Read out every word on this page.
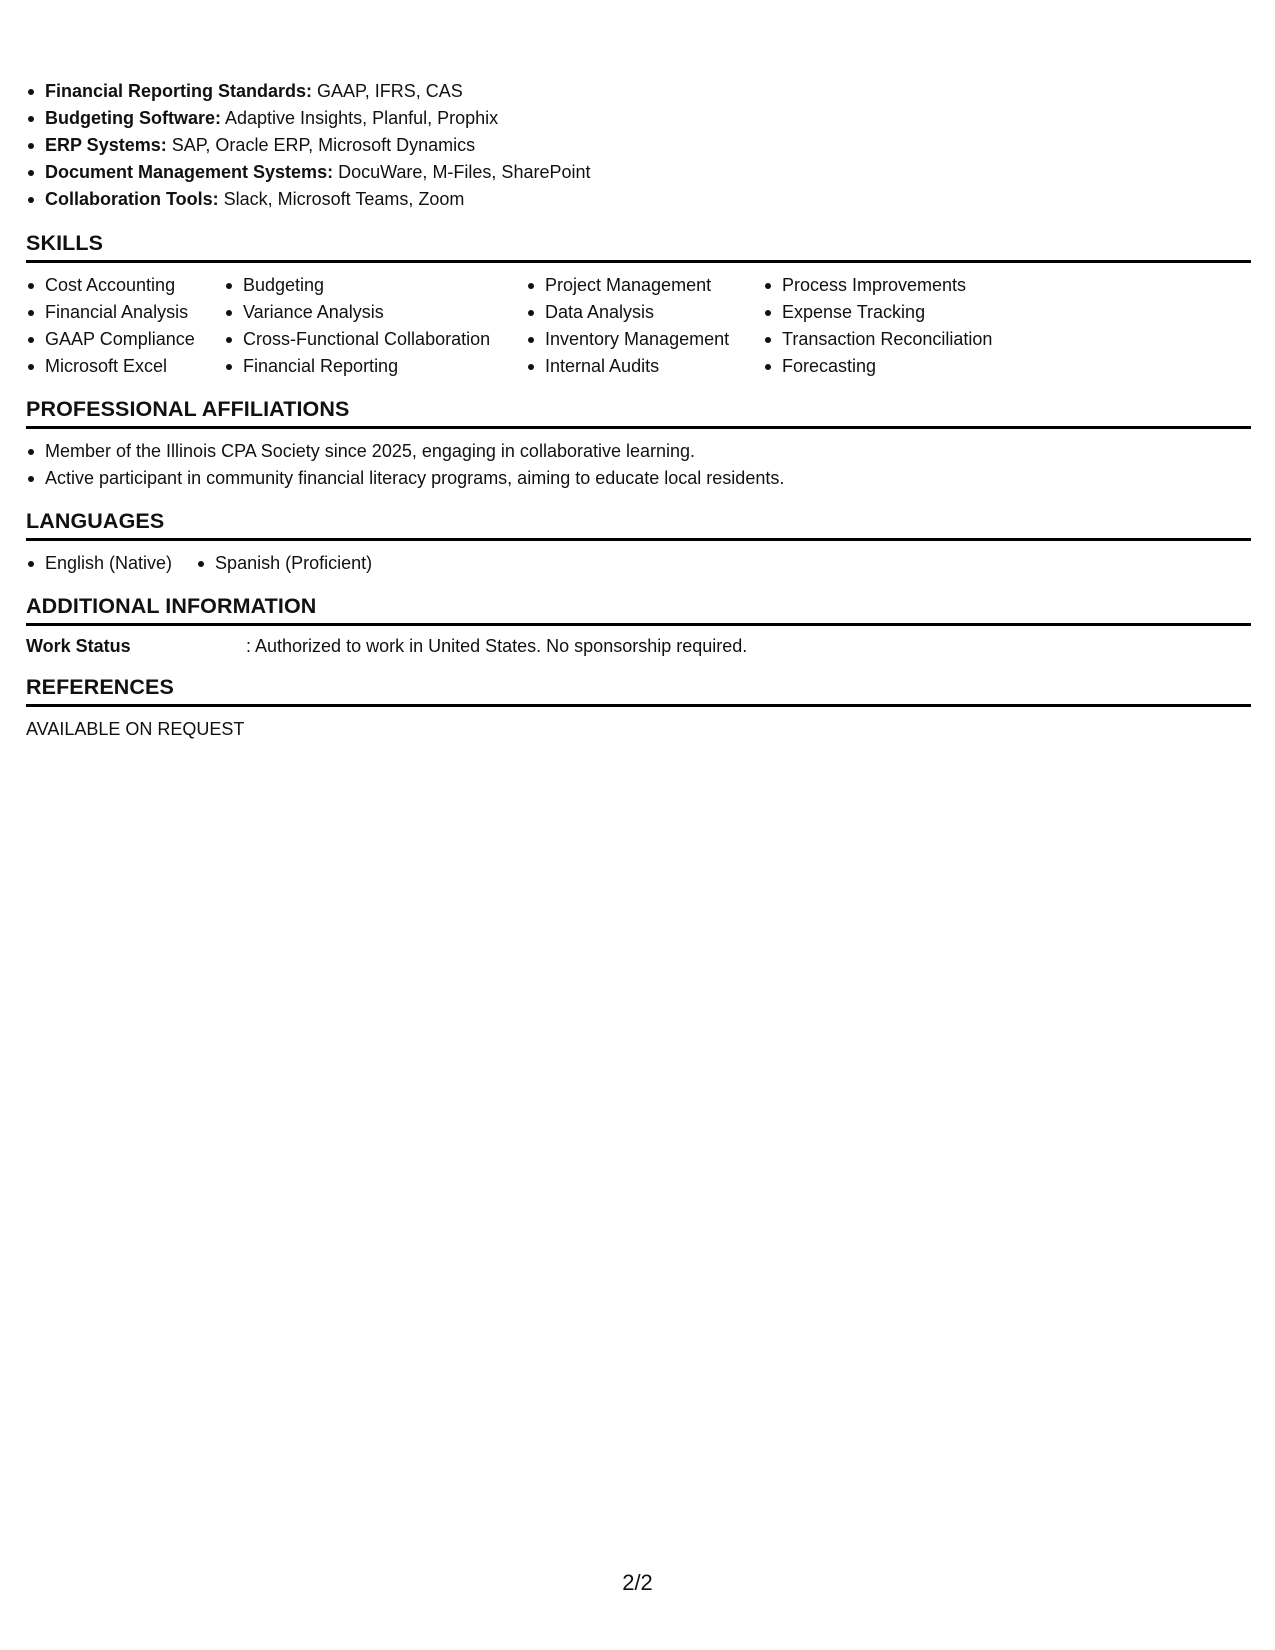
Financial Reporting Standards: GAAP, IFRS, CAS
Budgeting Software: Adaptive Insights, Planful, Prophix
ERP Systems: SAP, Oracle ERP, Microsoft Dynamics
Document Management Systems: DocuWare, M-Files, SharePoint
Collaboration Tools: Slack, Microsoft Teams, Zoom
SKILLS
Cost Accounting
Financial Analysis
GAAP Compliance
Microsoft Excel
Budgeting
Variance Analysis
Cross-Functional Collaboration
Financial Reporting
Project Management
Data Analysis
Inventory Management
Internal Audits
Process Improvements
Expense Tracking
Transaction Reconciliation
Forecasting
PROFESSIONAL AFFILIATIONS
Member of the Illinois CPA Society since 2025, engaging in collaborative learning.
Active participant in community financial literacy programs, aiming to educate local residents.
LANGUAGES
English (Native)	Spanish (Proficient)
ADDITIONAL INFORMATION
Work Status	: Authorized to work in United States. No sponsorship required.
REFERENCES
AVAILABLE ON REQUEST
2/2
